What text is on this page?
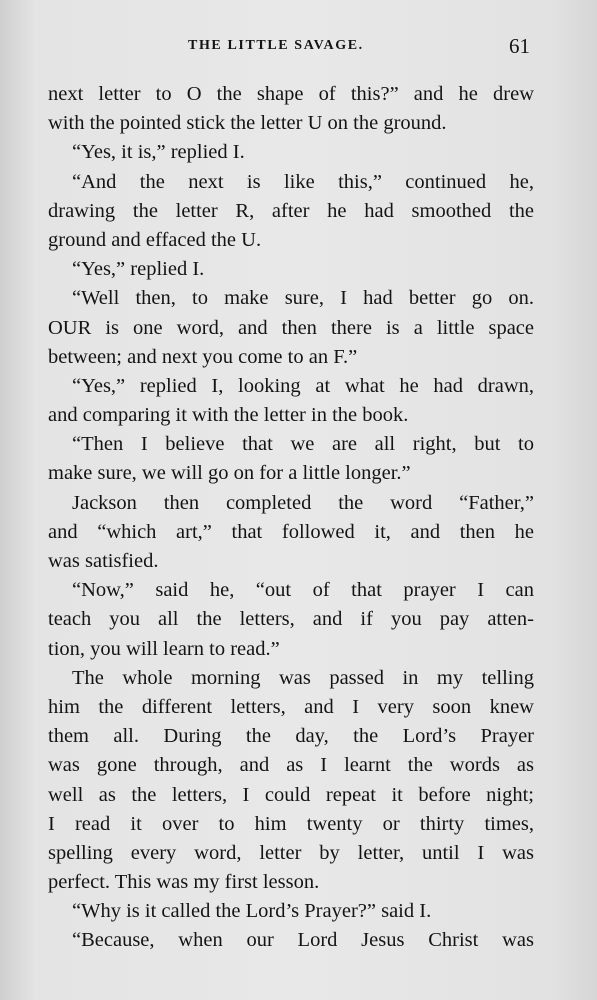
THE LITTLE SAVAGE.	61
next letter to O the shape of this?” and he drew
with the pointed stick the letter U on the ground.
“Yes, it is,” replied I.
“And the next is like this,” continued he,
drawing the letter R, after he had smoothed the
ground and effaced the U.
“Yes,” replied I.
“Well then, to make sure, I had better go on.
OUR is one word, and then there is a little space
between; and next you come to an F.”
“Yes,” replied I, looking at what he had drawn,
and comparing it with the letter in the book.
“Then I believe that we are all right, but to
make sure, we will go on for a little longer.”
Jackson then completed the word “Father,”
and “which art,” that followed it, and then he
was satisfied.
“Now,” said he, “out of that prayer I can
teach you all the letters, and if you pay atten-
tion, you will learn to read.”
The whole morning was passed in my telling
him the different letters, and I very soon knew
them all. During the day, the Lord’s Prayer
was gone through, and as I learnt the words as
well as the letters, I could repeat it before night;
I read it over to him twenty or thirty times,
spelling every word, letter by letter, until I was
perfect. This was my first lesson.
“Why is it called the Lord’s Prayer?” said I.
“Because, when our Lord Jesus Christ was
